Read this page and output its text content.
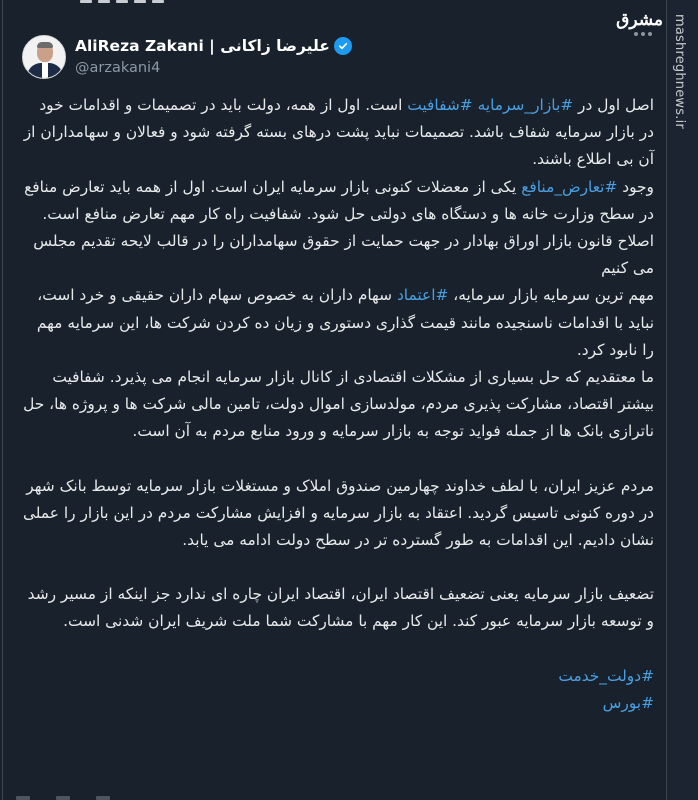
مشرق mashreghnews.ir
AliReza Zakani | علیرضا زاکانی
@arzakani4
اصل اول در #بازار_سرمایه #شفافیت است. اول از همه، دولت باید در تصمیمات و اقدامات خود در بازار سرمایه شفاف باشد. تصمیمات نباید پشت درهای بسته گرفته شود و فعالان و سهامداران از آن بی اطلاع باشند.
وجود #تعارض_منافع یکی از معضلات کنونی بازار سرمایه ایران است. اول از همه باید تعارض منافع در سطح وزارت خانه ها و دستگاه های دولتی حل شود. شفافیت راه کار مهم تعارض منافع است. اصلاح قانون بازار اوراق بهادار در جهت حمایت از حقوق سهامداران را در قالب لایحه تقدیم مجلس می کنیم
مهم ترین سرمایه بازار سرمایه، #اعتماد سهام داران به خصوص سهام داران حقیقی و خرد است، نباید با اقدامات ناسنجیده مانند قیمت گذاری دستوری و زیان ده کردن شرکت ها، این سرمایه مهم را نابود کرد.
ما معتقدیم که حل بسیاری از مشکلات اقتصادی از کانال بازار سرمایه انجام می پذیرد. شفافیت بیشتر اقتصاد، مشارکت پذیری مردم، مولدسازی اموال دولت، تامین مالی شرکت ها و پروژه ها، حل ناترازی بانک ها از جمله فواید توجه به بازار سرمایه و ورود منابع مردم به آن است.
مردم عزیز ایران، با لطف خداوند چهارمین صندوق املاک و مستغلات بازار سرمایه توسط بانک شهر در دوره کنونی تاسیس گردید. اعتقاد به بازار سرمایه و افزایش مشارکت مردم در این بازار را عملی نشان دادیم. این اقدامات به طور گسترده تر در سطح دولت ادامه می یابد.
تضعیف بازار سرمایه یعنی تضعیف اقتصاد ایران، اقتصاد ایران چاره ای ندارد جز اینکه از مسیر رشد و توسعه بازار سرمایه عبور کند. این کار مهم با مشارکت شما ملت شریف ایران شدنی است.
#دولت_خدمت
#بورس
